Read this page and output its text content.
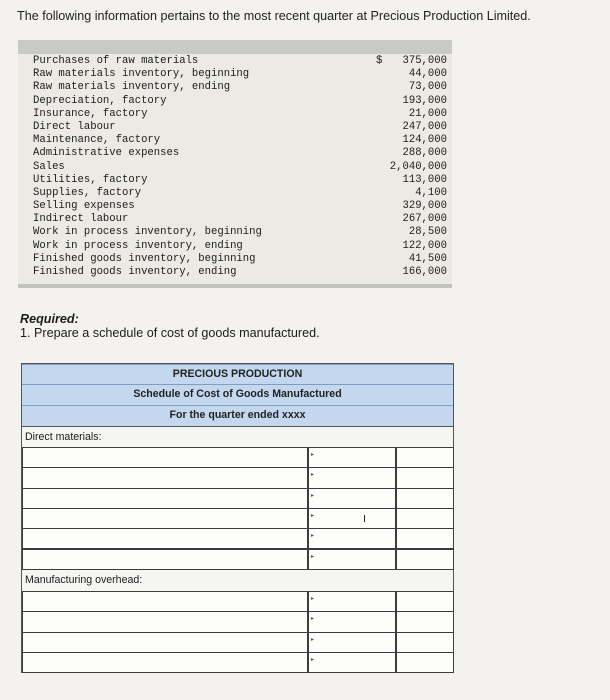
The following information pertains to the most recent quarter at Precious Production Limited.
Purchases of raw materials	$ 375,000
Raw materials inventory, beginning	44,000
Raw materials inventory, ending	73,000
Depreciation, factory	193,000
Insurance, factory	21,000
Direct labour	247,000
Maintenance, factory	124,000
Administrative expenses	288,000
Sales	2,040,000
Utilities, factory	113,000
Supplies, factory	4,100
Selling expenses	329,000
Indirect labour	267,000
Work in process inventory, beginning	28,500
Work in process inventory, ending	122,000
Finished goods inventory, beginning	41,500
Finished goods inventory, ending	166,000
Required:
1. Prepare a schedule of cost of goods manufactured.
PRECIOUS PRODUCTION
Schedule of Cost of Goods Manufactured
For the quarter ended xxxx
Direct materials:
Manufacturing overhead:
▸
▸
▸
▸
▸
▸
▸
▸
▸
▸
